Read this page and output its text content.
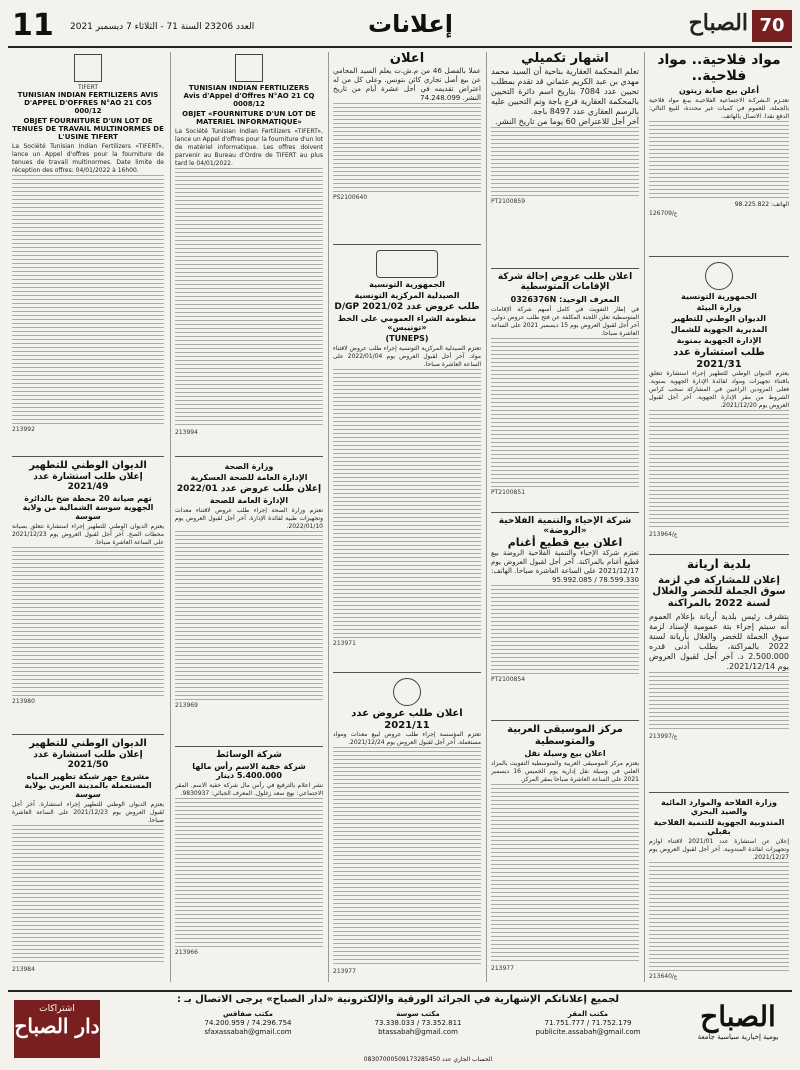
11 العدد 23206 السنة 71 - الثلاثاء 7 ديسمبر 2021	إعلانات	70
الصباح
مواد فلاحية.. مواد فلاحية..
أعلن بيع صابة زيتون
تعتـزم الـشركـة الاجتماعية الفلاحيـة بيـع مواد فلاحية بالجملة، للعموم في كميات غير محددة، للبيع التالي: الدفع نقدا. الاتصال بالهاتف.
الهاتف: 98.225.822
ع/126709
الجمهورية التونسية
وزارة البيئة
الديوان الوطني للتطهير
المديرية الجهوية للشمال
الإدارة الجهوية بمنوبة
طلب استشارة عدد 2021/31
يعتزم الديوان الوطني للتطهير إجراء استشارة تتعلق باقتناء تجهيزات ومواد لفائدة الإدارة الجهوية بمنوبة. فعلى المزودين الراغبين في المشاركة سحب كراس الشروط من مقر الإدارة الجهوية. آخر أجل لقبول العروض يوم 2021/12/20.
ع/213964
بلدية أريانة
إعلان للمشاركة في لزمة سوق الجملة للخضر والغلال لسنة 2022 بالمراكنة
يتشرف رئيس بلدية أريانة بإعلام العموم أنه سيتم إجراء بتة عمومية لإسناد لزمة سوق الجملة للخضر والغلال بأريانة لسنة 2022 بالمراكنة، بطلب أدنى قدره 2.500.000 د. آخر أجل لقبول العروض يوم 2021/12/14.
ع/213997
وزارة الفلاحة والموارد المائية والصيد البحري
المندوبية الجهوية للتنمية الفلاحية بقبلي
إعلان عن استشارة عدد 2021/01 لاقتناء لوازم وتجهيزات لفائدة المندوبية. آخر أجل لقبول العروض يوم 2021/12/27.
ع/213640
اشهار تكميلي
تعلم المحكمة العقارية بناحية أن السيد محمد مهدي بن عبد الكريم عثماني قد تقدم بمطلب تحيين عدد 7084 بتاريخ اسم دائرة التحيين بالمحكمة العقارية فرع باجة وتم التحيين عليه بالرسم العقاري عدد 8497 باجة.
آخر أجل للاعتراض 60 يوما من تاريخ النشر.
PT2100859
اعلان طلب عروض إحالة شركة الإقامات المتوسطية
المعرف الوحيد: 0326376N
في إطار التفويت في كامل أسهم شركة الإقامات المتوسطية تعلن اللجنة المكلفة عن فتح طلب عروض دولي. آخر أجل لقبول العروض يوم 15 ديسمبر 2021 على الساعة العاشرة صباحا.
PT2100851
شركة الإحياء والتنمية الفلاحية «الروضة»
اعلان بيع قطيع أغنام
تعتزم شركة الإحياء والتنمية الفلاحية الروضة بيع قطيع أغنام بالمراكنة. آخر أجل لقبول العروض يوم 2021/12/17 على الساعة العاشرة صباحا. الهاتف: 78.599.330 / 95.992.085
PT2100854
مركز الموسيقى العربية والمتوسطية
اعلان بيع وسيلة نقل
يعتزم مركز الموسيقى العربية والمتوسطية التفويت بالمزاد العلني في وسيلة نقل إدارية يوم الخميس 16 ديسمبر 2021 على الساعة العاشرة صباحا بمقر المركز.
213977
اعلان
عملا بالفصل 46 من م.ش.ت يعلم السيد المحامي عن بيع أصل تجاري كائن بتونس. وعلى كل من له اعتراض تقديمه في أجل عشرة أيام من تاريخ النشر. 74.248.099
PS2100640
الجمهورية التونسية
الصيدلية المركزية التونسية
طلب عروض عدد 2021/02 D/GP
منظومة الشراء العمومي على الخط «تونيبس»
(TUNEPS)
تعتزم الصيدلية المركزية التونسية إجراء طلب عروض لاقتناء مواد. آخر أجل لقبول العروض يوم 2022/01/04 على الساعة العاشرة صباحا.
213971
اعلان طلب عروض عدد 2021/11
تعتزم المؤسسة إجراء طلب عروض لبيع معدات ومواد مستعملة. آخر أجل لقبول العروض يوم 2021/12/24.
213977
TUNISIAN INDIAN FERTILIZERS
Avis d'Appel d'Offres N°AO 21 CQ 0008/12
OBJET «FOURNITURE D'UN LOT DE MATERIEL INFORMATIQUE»
La Société Tunisian Indian Fertilizers «TIFERT», lance un Appel d'offres pour la fourniture d'un lot de matériel informatique. Les offres doivent parvenir au Bureau d'Ordre de TIFERT au plus tard le 04/01/2022.
213994
وزارة الصحة
الإدارة العامة للصحة العسكرية
إعلان طلب عروض عدد 2022/01
الإدارة العامة للصحة
تعتزم وزارة الصحة إجراء طلب عروض لاقتناء معدات وتجهيزات طبية لفائدة الإدارة. آخر أجل لقبول العروض يوم 2022/01/10.
213969
شركة الوسائط
شركة خفية الاسم رأس مالها 5.400.000 دينار
نشر اعلام بالترفيع في رأس مال شركة خفية الاسم. المقر الاجتماعي: نهج سعد زغلول. المعرف الجبائي: 9830937.
213966
TIFERT
TUNISIAN INDIAN FERTILIZERS AVIS D'APPEL D'OFFRES N°AO 21 CO5 000/12
OBJET FOURNITURE D'UN LOT DE TENUES DE TRAVAIL MULTINORMES DE L'USINE TIFERT
La Société Tunisian Indian Fertilizers «TIFERT», lance un Appel d'offres pour la fourniture de tenues de travail multinormes. Date limite de réception des offres: 04/01/2022 à 16h00.
213992
الديوان الوطني للتطهير
إعلان طلب استشارة عدد 2021/49
تهم صيانة 20 محطة ضخ بالدائرة الجهوية سوسة الشمالية من ولاية سوسة
يعتزم الديوان الوطني للتطهير إجراء استشارة تتعلق بصيانة محطات الضخ. آخر أجل لقبول العروض يوم 2021/12/23 على الساعة العاشرة صباحا.
213980
الديوان الوطني للتطهير
إعلان طلب استشارة عدد 2021/50
مشروع جهر شبكة تطهير المياه المستعملة بالمدينة العربي بولاية سوسة
يعتزم الديوان الوطني للتطهير إجراء استشارة. آخر أجل لقبول العروض يوم 2021/12/23 على الساعة العاشرة صباحا.
213984
اشتراكات
دار الصباح
لجميع إعلاناتكم الإشهارية في الجرائد الورقية والإلكترونية «لدار الصباح» يرجى الاتصال بـ :
مكتب المقر
71.752.179 / 71.751.777
publicite.assabah@gmail.com
مكتب سوسة
73.352.811 / 73.338.033
btassabah@gmail.com
مكتب صفاقس
74.296.754 / 74.200.959
sfaxassabah@gmail.com
الحساب الجاري عدد 08307000509173285450
الصباح
يومية إخبارية سياسية جامعة
